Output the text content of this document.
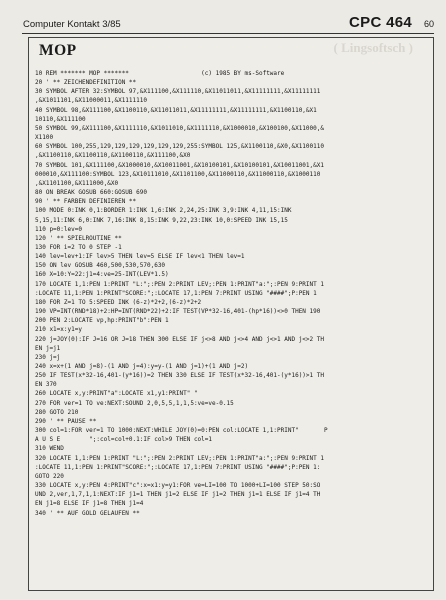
Computer Kontakt 3/85	CPC 464 60
MOP	( Lingsoftsch )
10 REM ******* MOP *******                    (c) 1985 BY ms-Software
20 ' ** ZEICHENDEFINITION **
30 SYMBOL AFTER 32:SYMBOL 97,&X111100,&X111110,&X11011011,&X11111111,&X11111111
,&X1011101,&X11000011,&X1111110
40 SYMBOL 98,&X111100,&X1100110,&X11011011,&X11111111,&X11111111,&X1100110,&X1
10110,&X111100
50 SYMBOL 99,&X111100,&X1111110,&X1011010,&X1111110,&X1000010,&X100100,&X11000,&
X1100
60 SYMBOL 100,255,129,129,129,129,129,129,255:SYMBOL 125,&X1100110,&X0,&X1100110
,&X1100110,&X1100110,&X1100110,&X111100,&X0
70 SYMBOL 101,&X111100,&X1000010,&X10011001,&X10100101,&X10100101,&X10011001,&X1
000010,&X111100:SYMBOL 123,&X10111010,&X1101100,&X11000110,&X11000110,&X1000110
,&X1101100,&X111000,&X0
80 ON BREAK GOSUB 660:GOSUB 690
90 ' ** FARBEN DEFINIEREN **
100 MODE 0:INK 0,1:BORDER 1:INK 1,6:INK 2,24,25:INK 3,9:INK 4,11,15:INK
5,15,11:INK 6,0:INK 7,16:INK 8,15:INK 9,22,23:INK 10,0:SPEED INK 15,15
110 p=0:lev=0
120 ' ** SPIELROUTINE **
130 FOR i=2 TO 0 STEP -1
140 lev=lev+1:IF lev>5 THEN lev=5 ELSE IF lev<1 THEN lev=1
150 ON lev GOSUB 460,500,530,570,630
160 X=10:Y=22:j1=4:ve=25-INT(LEV*1.5)
170 LOCATE 1,1:PEN 1:PRINT "L:";:PEN 2:PRINT LEV;:PEN 1:PRINT"a:";:PEN 9:PRINT 1
:LOCATE 11,1:PEN 1:PRINT"SCORE:";:LOCATE 17,1:PEN 7:PRINT USING "####";P:PEN 1
180 FOR Z=1 TO 5:SPEED INK (6-z)*2+2,(6-z)*2+2
190 VP=INT(RND*18)+2:HP=INT(RND*22)+2:IF TEST(VP*32-16,401-(hp*16))<>0 THEN 190
200 PEN 2:LOCATE vp,hp:PRINT"b":PEN 1
210 x1=x:y1=y
220 j=JOY(0):IF J=16 OR J=18 THEN 300 ELSE IF j<>8 AND j<>4 AND j<>1 AND j<>2 TH
EN j=j1
230 j=j
240 x=x+(1 AND j=8)-(1 AND j=4):y=y-(1 AND j=1)+(1 AND j=2)
250 IF TEST(x*32-16,401-(y*16))=2 THEN 330 ELSE IF TEST(x*32-16,401-(y*16))>1 TH
EN 370
260 LOCATE x,y:PRINT"a":LOCATE x1,y1:PRINT" "
270 FOR ver=1 TO ve:NEXT:SOUND 2,0,5,5,1,1,5:ve=ve-0.15
280 GOTO 210
290 ' ** PAUSE **
300 col=1:FOR ver=1 TO 1000:NEXT:WHILE JOY(0)=0:PEN col:LOCATE 1,1:PRINT"       P
A U S E        ";:col=col+0.1:IF col>9 THEN col=1
310 WEND
320 LOCATE 1,1:PEN 1:PRINT "L:";:PEN 2:PRINT LEV;:PEN 1:PRINT"a:";:PEN 9:PRINT 1
:LOCATE 11,1:PEN 1:PRINT"SCORE:";:LOCATE 17,1:PEN 7:PRINT USING "####";P:PEN 1:
GOTO 220
330 LOCATE x,y:PEN 4:PRINT"c":x=x1:y=y1:FOR ve=LI=100 TO 1000+LI=100 STEP 50:SO
UND 2,ver,1,7,1,1:NEXT:IF j1=1 THEN j1=2 ELSE IF j1=2 THEN j1=1 ELSE IF j1=4 TH
EN j1=8 ELSE IF j1=8 THEN j1=4
340 ' ** AUF GOLD GELAUFEN **
